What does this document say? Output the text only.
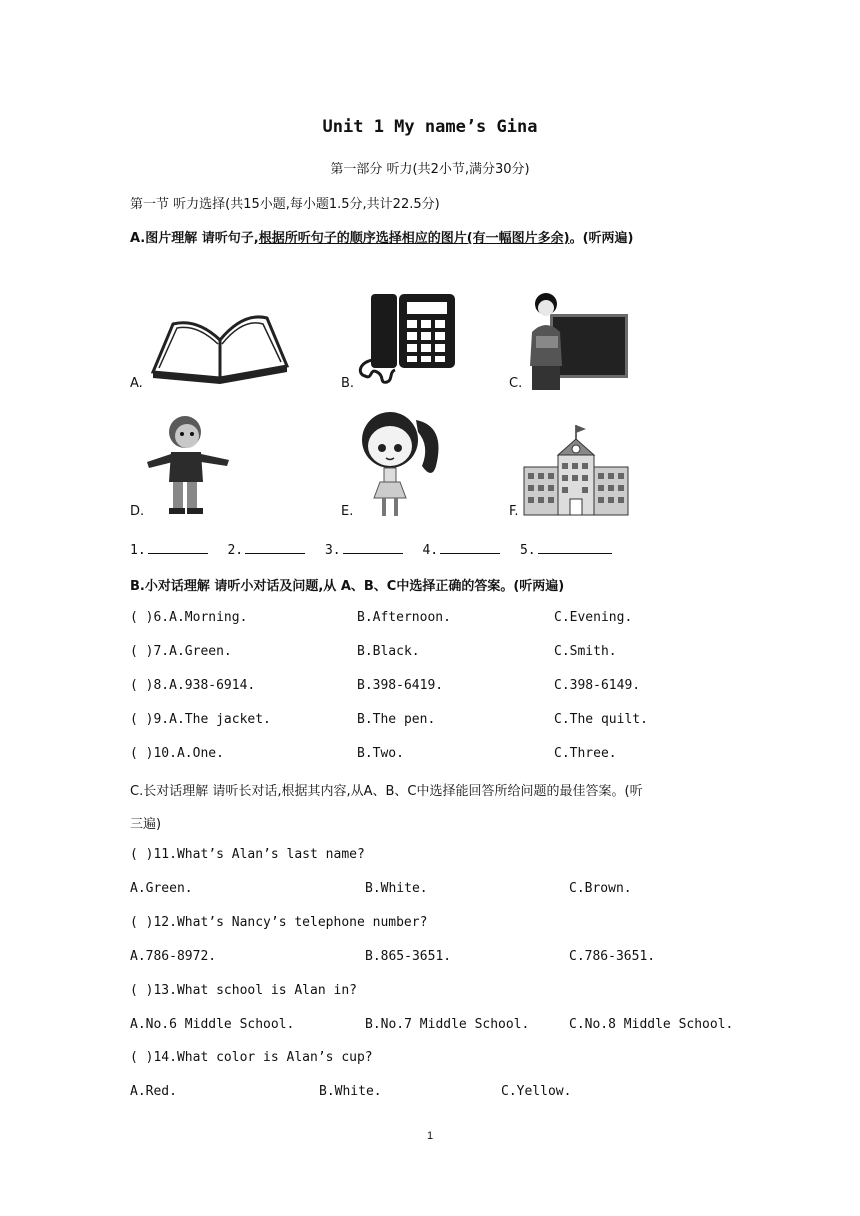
Unit 1 My name’s Gina
第一部分 听力(共2小节,满分30分)
第一节 听力选择(共15小题,每小题1.5分,共计22.5分)
A.图片理解 请听句子,根据所听句子的顺序选择相应的图片(有一幅图片多余)。(听两遍)
A.	B.	C.
D.	E.	F.
1.	2.	3.	4.	5.
B.小对话理解 请听小对话及问题,从 A、B、C中选择正确的答案。(听两遍)
( )6.A.Morning.	B.Afternoon.	C.Evening.
( )7.A.Green.	B.Black.	C.Smith.
( )8.A.938-6914.	B.398-6419.	C.398-6149.
( )9.A.The jacket.	B.The pen.	C.The quilt.
( )10.A.One.	B.Two.	C.Three.
C.长对话理解 请听长对话,根据其内容,从A、B、C中选择能回答所给问题的最佳答案。(听
三遍)
( )11.What’s Alan’s last name?
A.Green.	B.White.	C.Brown.
( )12.What’s Nancy’s telephone number?
A.786-8972.	B.865-3651.	C.786-3651.
( )13.What school is Alan in?
A.No.6 Middle School.	B.No.7 Middle School.	C.No.8 Middle School.
( )14.What color is Alan’s cup?
A.Red.	B.White.	C.Yellow.
1
